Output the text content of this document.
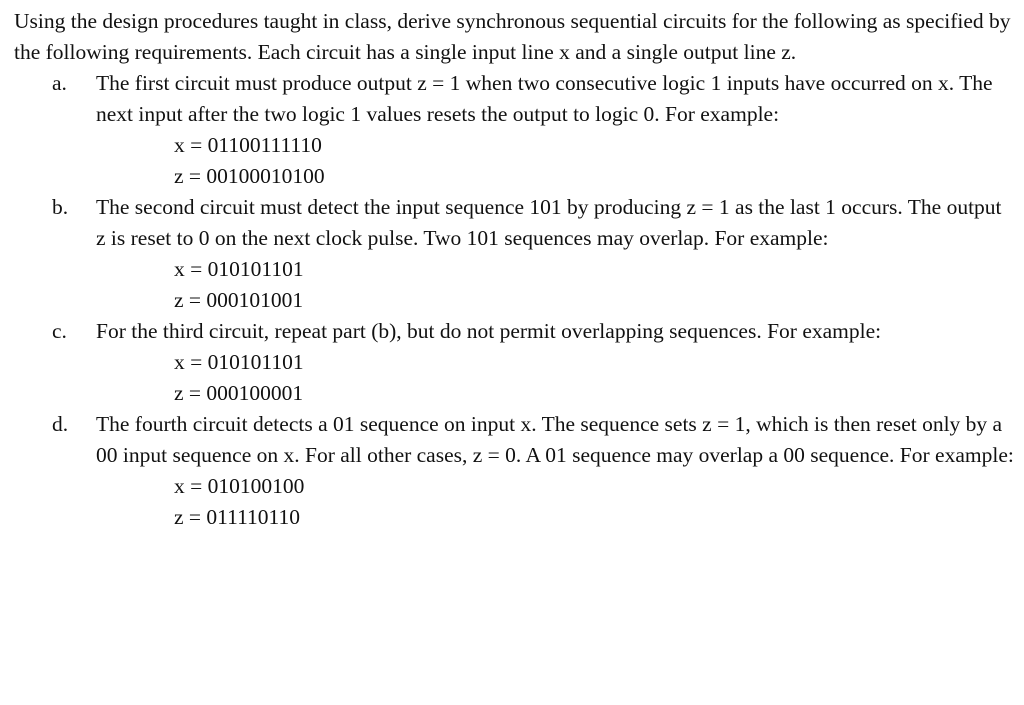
Using the design procedures taught in class, derive synchronous sequential circuits for the following as specified by the following requirements. Each circuit has a single input line x and a single output line z.

a.	The first circuit must produce output z = 1 when two consecutive logic 1 inputs have occurred on x. The next input after the two logic 1 values resets the output to logic 0. For example:

x = 01100111110
z = 00100010100
b.	The second circuit must detect the input sequence 101 by producing z = 1 as the last 1 occurs. The output z is reset to 0 on the next clock pulse. Two 101 sequences may overlap. For example:

x = 010101101
z = 000101001
c.	For the third circuit, repeat part (b), but do not permit overlapping sequences. For example:

x = 010101101
z = 000100001
d.	The fourth circuit detects a 01 sequence on input x. The sequence sets z = 1, which is then reset only by a 00 input sequence on x. For all other cases, z = 0. A 01 sequence may overlap a 00 sequence. For example:

x = 010100100
z = 011110110
